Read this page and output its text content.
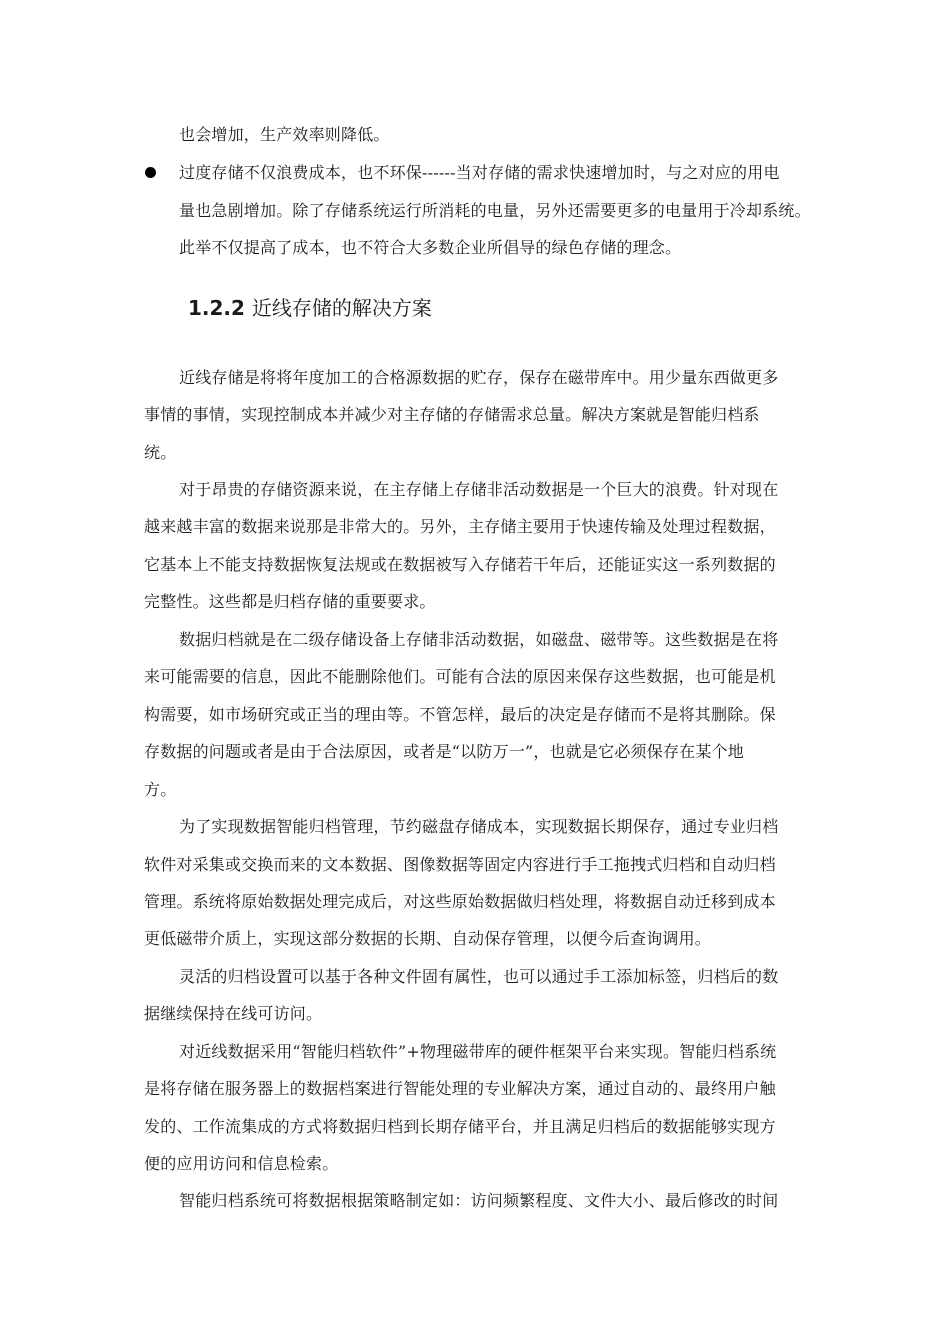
也会增加，生产效率则降低。
过度存储不仅浪费成本，也不环保------当对存储的需求快速增加时，与之对应的用电
量也急剧增加。除了存储系统运行所消耗的电量，另外还需要更多的电量用于冷却系统。
此举不仅提高了成本，也不符合大多数企业所倡导的绿色存储的理念。
1.2.2 近线存储的解决方案
近线存储是将将年度加工的合格源数据的贮存，保存在磁带库中。用少量东西做更多
事情的事情，实现控制成本并减少对主存储的存储需求总量。解决方案就是智能归档系
统。
对于昂贵的存储资源来说，在主存储上存储非活动数据是一个巨大的浪费。针对现在
越来越丰富的数据来说那是非常大的。另外，主存储主要用于快速传输及处理过程数据，
它基本上不能支持数据恢复法规或在数据被写入存储若干年后，还能证实这一系列数据的
完整性。这些都是归档存储的重要要求。
数据归档就是在二级存储设备上存储非活动数据，如磁盘、磁带等。这些数据是在将
来可能需要的信息，因此不能删除他们。可能有合法的原因来保存这些数据，也可能是机
构需要，如市场研究或正当的理由等。不管怎样，最后的决定是存储而不是将其删除。保
存数据的问题或者是由于合法原因，或者是“以防万一”，也就是它必须保存在某个地
方。
为了实现数据智能归档管理，节约磁盘存储成本，实现数据长期保存，通过专业归档
软件对采集或交换而来的文本数据、图像数据等固定内容进行手工拖拽式归档和自动归档
管理。系统将原始数据处理完成后，对这些原始数据做归档处理，将数据自动迁移到成本
更低磁带介质上，实现这部分数据的长期、自动保存管理，以便今后查询调用。
灵活的归档设置可以基于各种文件固有属性，也可以通过手工添加标签，归档后的数
据继续保持在线可访问。
对近线数据采用“智能归档软件”+物理磁带库的硬件框架平台来实现。智能归档系统
是将存储在服务器上的数据档案进行智能处理的专业解决方案，通过自动的、最终用户触
发的、工作流集成的方式将数据归档到长期存储平台，并且满足归档后的数据能够实现方
便的应用访问和信息检索。
智能归档系统可将数据根据策略制定如：访问频繁程度、文件大小、最后修改的时间
